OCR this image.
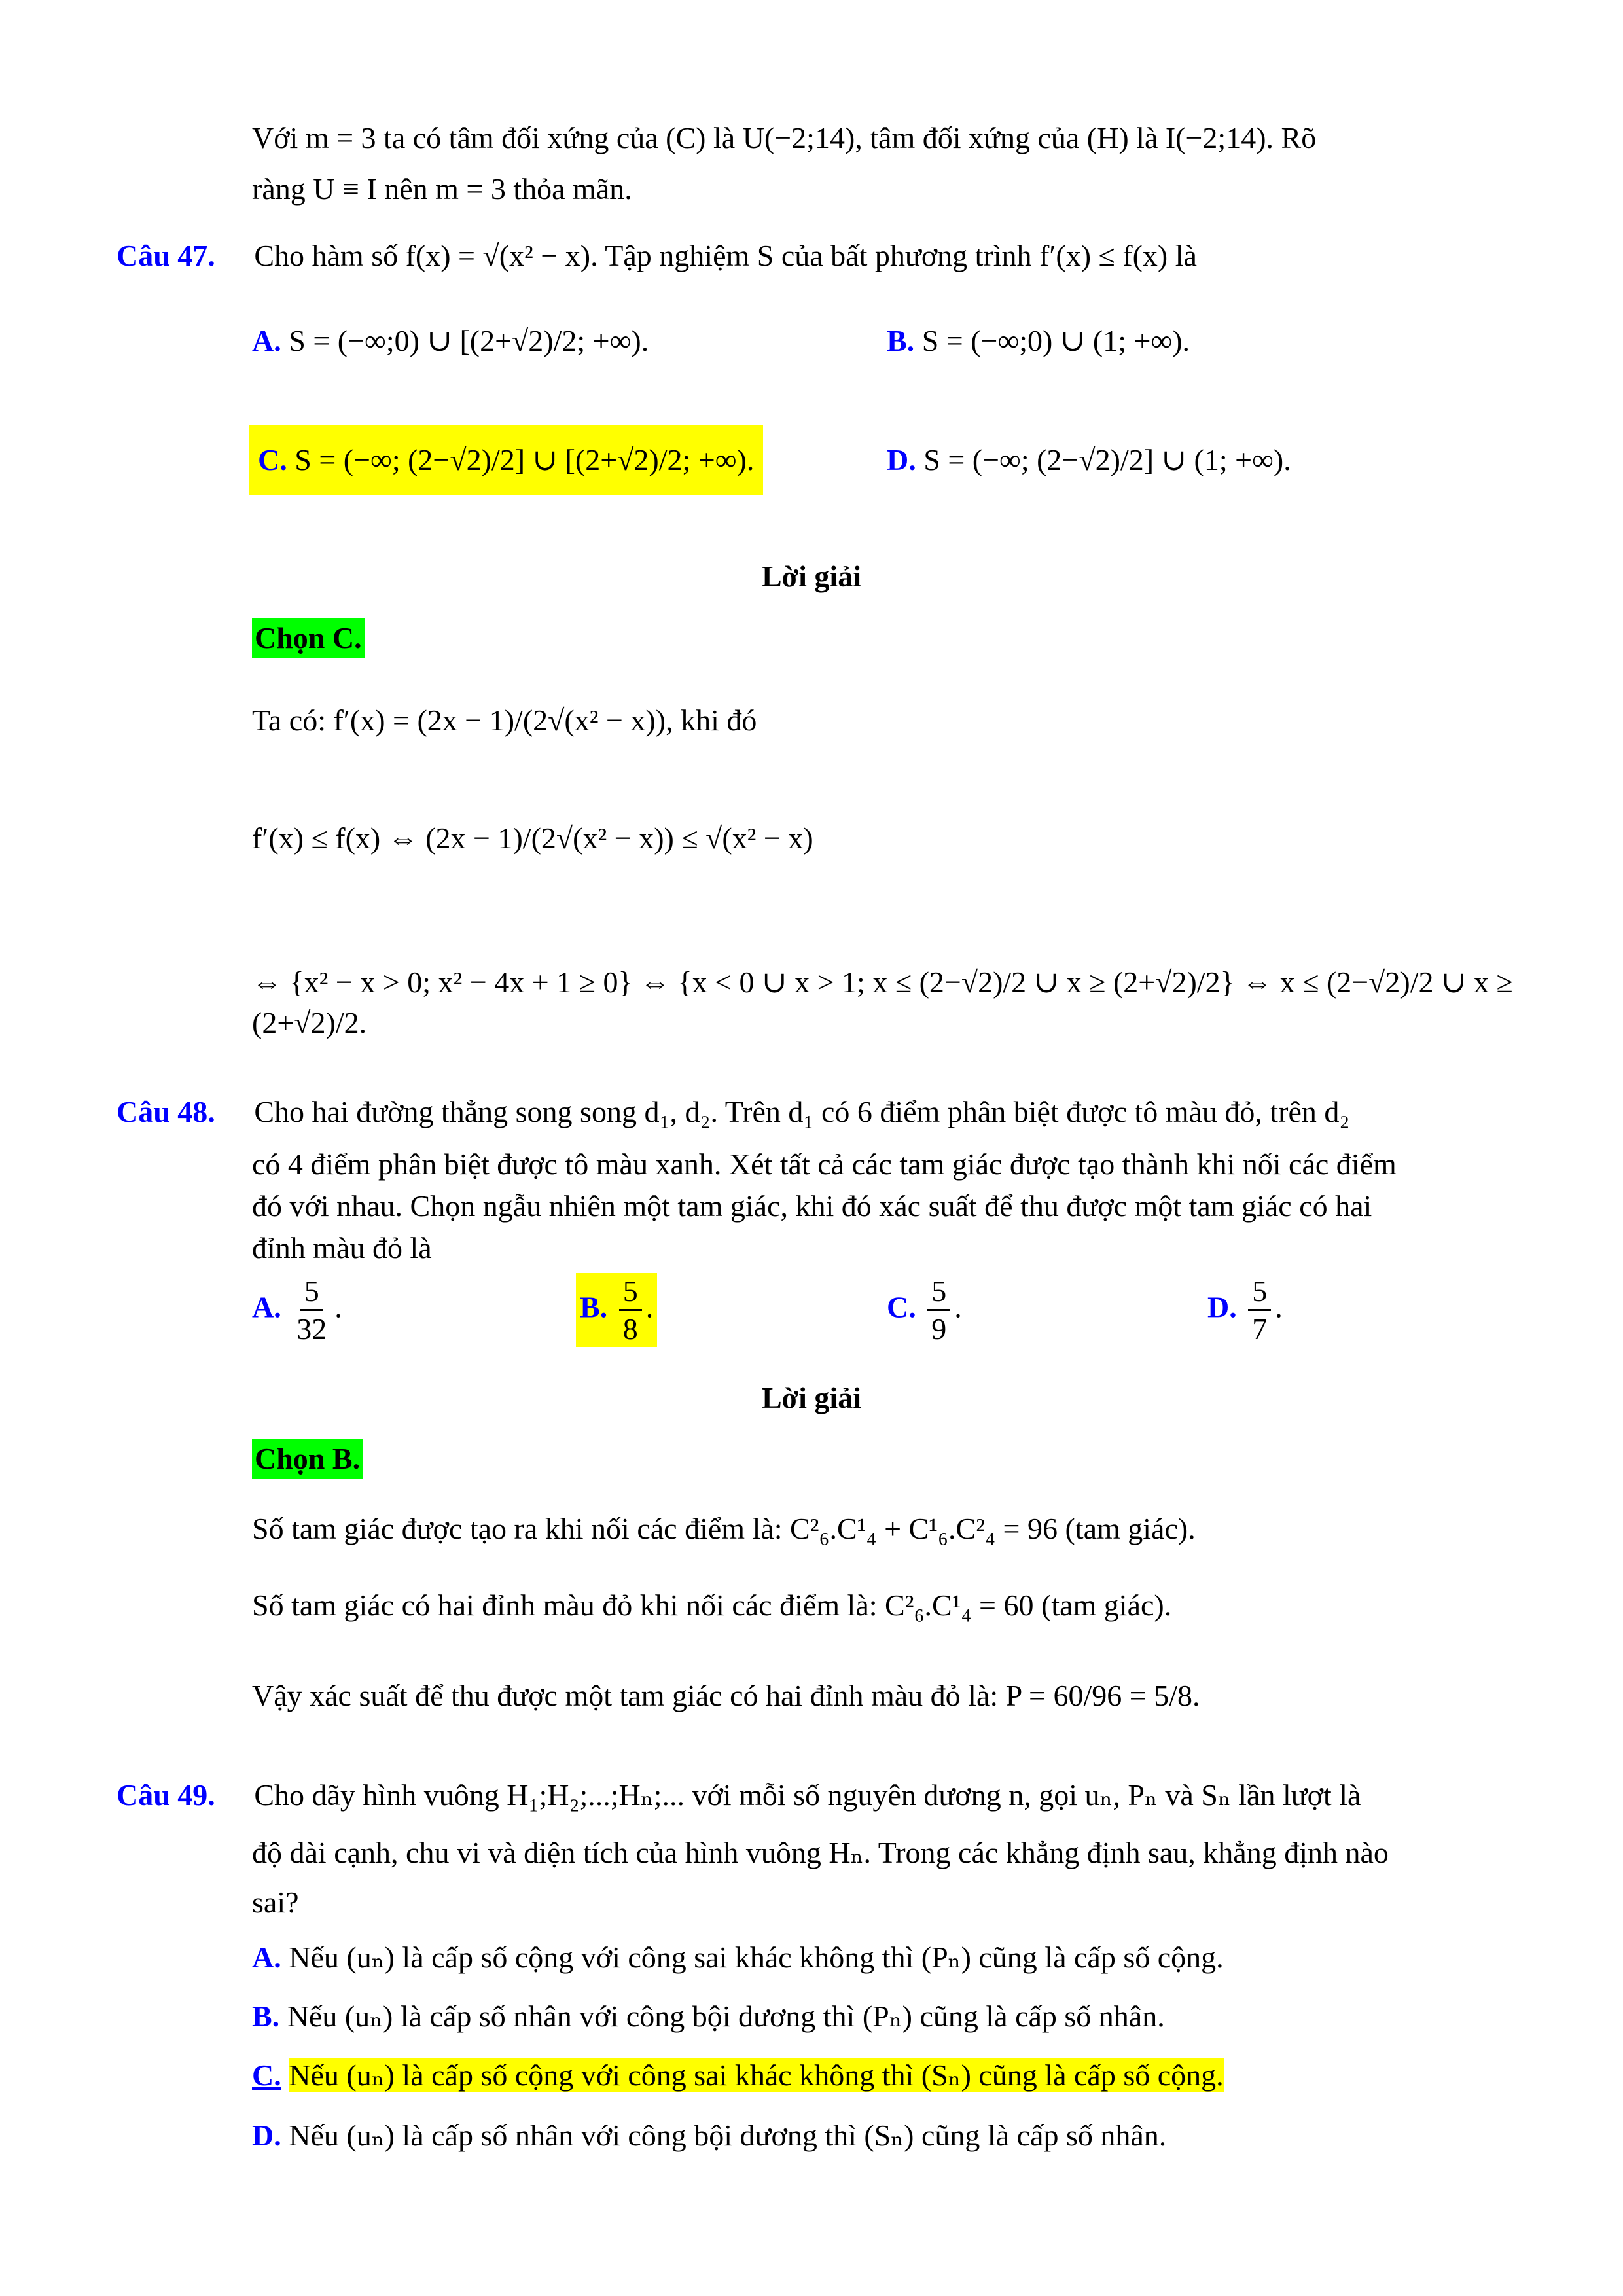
Với m = 3 ta có tâm đối xứng của (C) là U(−2;14), tâm đối xứng của (H) là I(−2;14). Rõ
ràng U ≡ I nên m = 3 thỏa mãn.
Câu 47. Cho hàm số f(x) = √(x² − x). Tập nghiệm S của bất phương trình f′(x) ≤ f(x) là
A. S = (−∞;0) ∪ [(2+√2)/2; +∞).	B. S = (−∞;0) ∪ (1; +∞).
C. S = (−∞; (2−√2)/2] ∪ [(2+√2)/2; +∞).	D. S = (−∞; (2−√2)/2] ∪ (1; +∞).
Lời giải
Chọn C.
Ta có: f′(x) = (2x − 1)/(2√(x² − x)), khi đó
f′(x) ≤ f(x) ⇔ (2x − 1)/(2√(x² − x)) ≤ √(x² − x)
⇔ {x² − x > 0; x² − 4x + 1 ≥ 0} ⇔ {x < 0 ∪ x > 1; x ≤ (2−√2)/2 ∪ x ≥ (2+√2)/2} ⇔ x ≤ (2−√2)/2 ∪ x ≥ (2+√2)/2.
Câu 48. Cho hai đường thẳng song song d₁, d₂. Trên d₁ có 6 điểm phân biệt được tô màu đỏ, trên d₂
có 4 điểm phân biệt được tô màu xanh. Xét tất cả các tam giác được tạo thành khi nối các điểm
đó với nhau. Chọn ngẫu nhiên một tam giác, khi đó xác suất để thu được một tam giác có hai
đỉnh màu đỏ là
A. $\frac{5}{32}$ .	B. $\frac{5}{8}$ .	C. $\frac{5}{9}$ .	D. $\frac{5}{7}$ .
Lời giải
Chọn B.
Số tam giác được tạo ra khi nối các điểm là: C²₆.C¹₄ + C¹₆.C²₄ = 96 (tam giác).
Số tam giác có hai đỉnh màu đỏ khi nối các điểm là: C²₆.C¹₄ = 60 (tam giác).
Vậy xác suất để thu được một tam giác có hai đỉnh màu đỏ là: P = 60/96 = 5/8.
Câu 49. Cho dãy hình vuông H₁;H₂;...;Hₙ;... với mỗi số nguyên dương n, gọi uₙ, Pₙ và Sₙ lần lượt là
độ dài cạnh, chu vi và diện tích của hình vuông Hₙ. Trong các khẳng định sau, khẳng định nào
sai?
A. Nếu (uₙ) là cấp số cộng với công sai khác không thì (Pₙ) cũng là cấp số cộng.
B. Nếu (uₙ) là cấp số nhân với công bội dương thì (Pₙ) cũng là cấp số nhân.
C. Nếu (uₙ) là cấp số cộng với công sai khác không thì (Sₙ) cũng là cấp số cộng.
D. Nếu (uₙ) là cấp số nhân với công bội dương thì (Sₙ) cũng là cấp số nhân.
